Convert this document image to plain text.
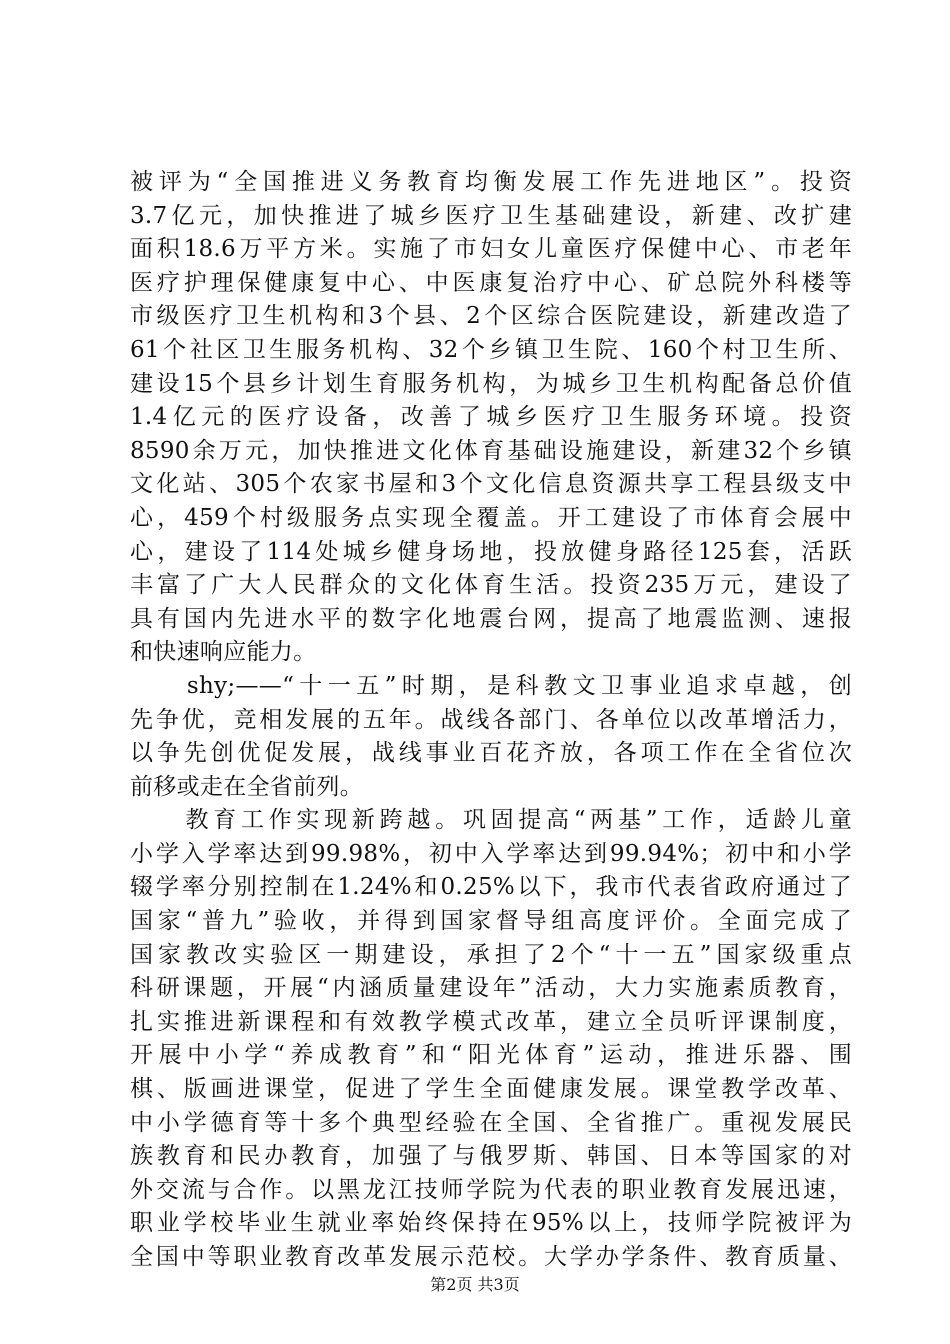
被评为“全国推进义务教育均衡发展工作先进地区”。投资
3.7亿元，加快推进了城乡医疗卫生基础建设，新建、改扩建
面积18.6万平方米。实施了市妇女儿童医疗保健中心、市老年
医疗护理保健康复中心、中医康复治疗中心、矿总院外科楼等
市级医疗卫生机构和3个县、2个区综合医院建设，新建改造了
61个社区卫生服务机构、32个乡镇卫生院、160个村卫生所、
建设15个县乡计划生育服务机构，为城乡卫生机构配备总价值
1.4亿元的医疗设备，改善了城乡医疗卫生服务环境。投资
8590余万元，加快推进文化体育基础设施建设，新建32个乡镇
文化站、305个农家书屋和3个文化信息资源共享工程县级支中
心，459个村级服务点实现全覆盖。开工建设了市体育会展中
心，建设了114处城乡健身场地，投放健身路径125套，活跃
丰富了广大人民群众的文化体育生活。投资235万元，建设了
具有国内先进水平的数字化地震台网，提高了地震监测、速报
和快速响应能力。
　　shy;——“十一五”时期，是科教文卫事业追求卓越，创
先争优，竞相发展的五年。战线各部门、各单位以改革增活力，
以争先创优促发展，战线事业百花齐放，各项工作在全省位次
前移或走在全省前列。
　　教育工作实现新跨越。巩固提高“两基”工作，适龄儿童
小学入学率达到99.98%，初中入学率达到99.94%；初中和小学
辍学率分别控制在1.24%和0.25%以下，我市代表省政府通过了
国家“普九”验收，并得到国家督导组高度评价。全面完成了
国家教改实验区一期建设，承担了2个“十一五”国家级重点
科研课题，开展“内涵质量建设年”活动，大力实施素质教育，
扎实推进新课程和有效教学模式改革，建立全员听评课制度，
开展中小学“养成教育”和“阳光体育”运动，推进乐器、围
棋、版画进课堂，促进了学生全面健康发展。课堂教学改革、
中小学德育等十多个典型经验在全国、全省推广。重视发展民
族教育和民办教育，加强了与俄罗斯、韩国、日本等国家的对
外交流与合作。以黑龙江技师学院为代表的职业教育发展迅速，
职业学校毕业生就业率始终保持在95%以上，技师学院被评为
全国中等职业教育改革发展示范校。大学办学条件、教育质量、
第2页 共3页
